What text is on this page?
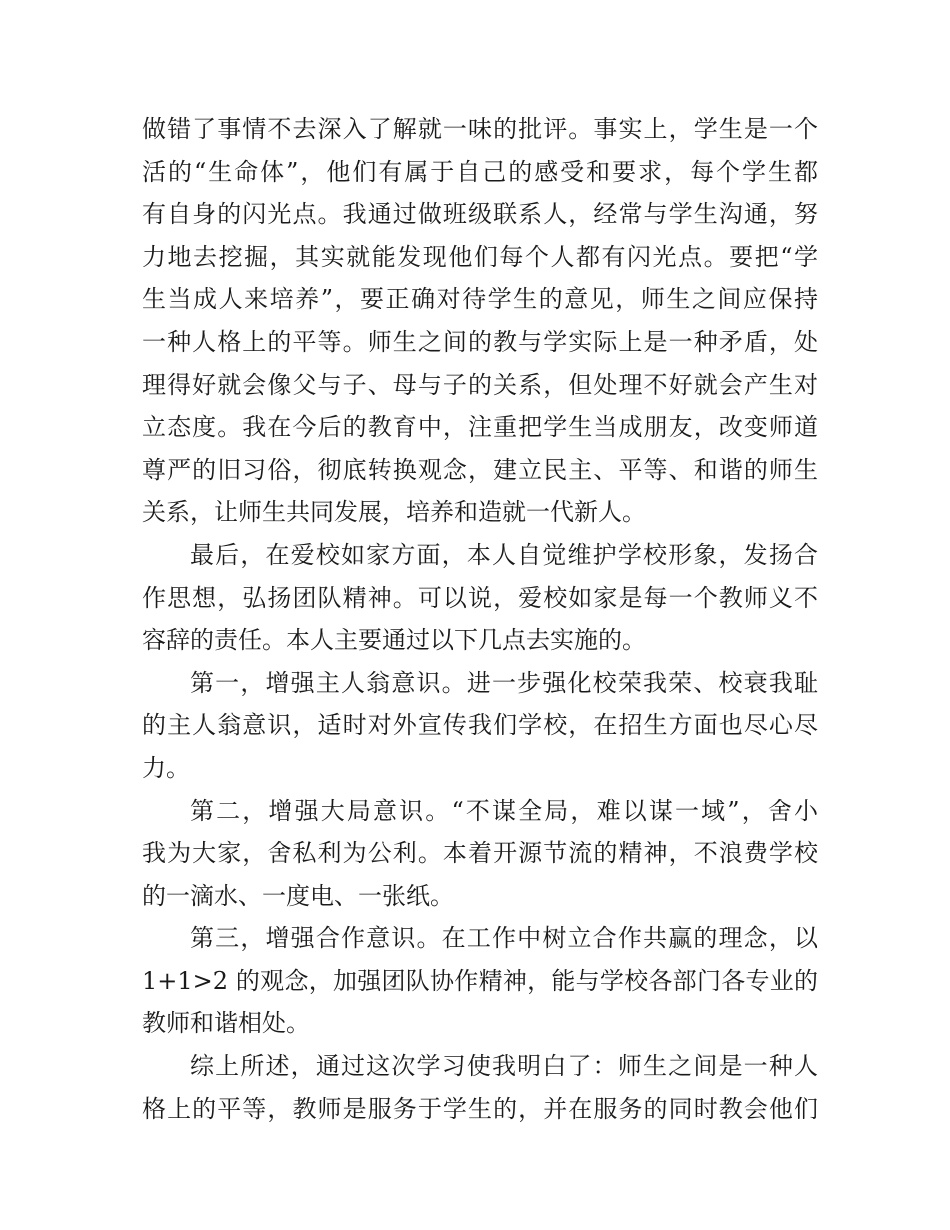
做错了事情不去深入了解就一味的批评。事实上，学生是一个
活的“生命体”，他们有属于自己的感受和要求，每个学生都
有自身的闪光点。我通过做班级联系人，经常与学生沟通，努
力地去挖掘，其实就能发现他们每个人都有闪光点。要把“学
生当成人来培养”，要正确对待学生的意见，师生之间应保持
一种人格上的平等。师生之间的教与学实际上是一种矛盾，处
理得好就会像父与子、母与子的关系，但处理不好就会产生对
立态度。我在今后的教育中，注重把学生当成朋友，改变师道
尊严的旧习俗，彻底转换观念，建立民主、平等、和谐的师生
关系，让师生共同发展，培养和造就一代新人。

最后，在爱校如家方面，本人自觉维护学校形象，发扬合
作思想，弘扬团队精神。可以说，爱校如家是每一个教师义不
容辞的责任。本人主要通过以下几点去实施的。

第一，增强主人翁意识。进一步强化校荣我荣、校衰我耻
的主人翁意识，适时对外宣传我们学校，在招生方面也尽心尽
力。

第二，增强大局意识。“不谋全局，难以谋一域”，舍小
我为大家，舍私利为公利。本着开源节流的精神，不浪费学校
的一滴水、一度电、一张纸。

第三，增强合作意识。在工作中树立合作共赢的理念，以
1+1>2 的观念，加强团队协作精神，能与学校各部门各专业的
教师和谐相处。

综上所述，通过这次学习使我明白了：师生之间是一种人
格上的平等，教师是服务于学生的，并在服务的同时教会他们
